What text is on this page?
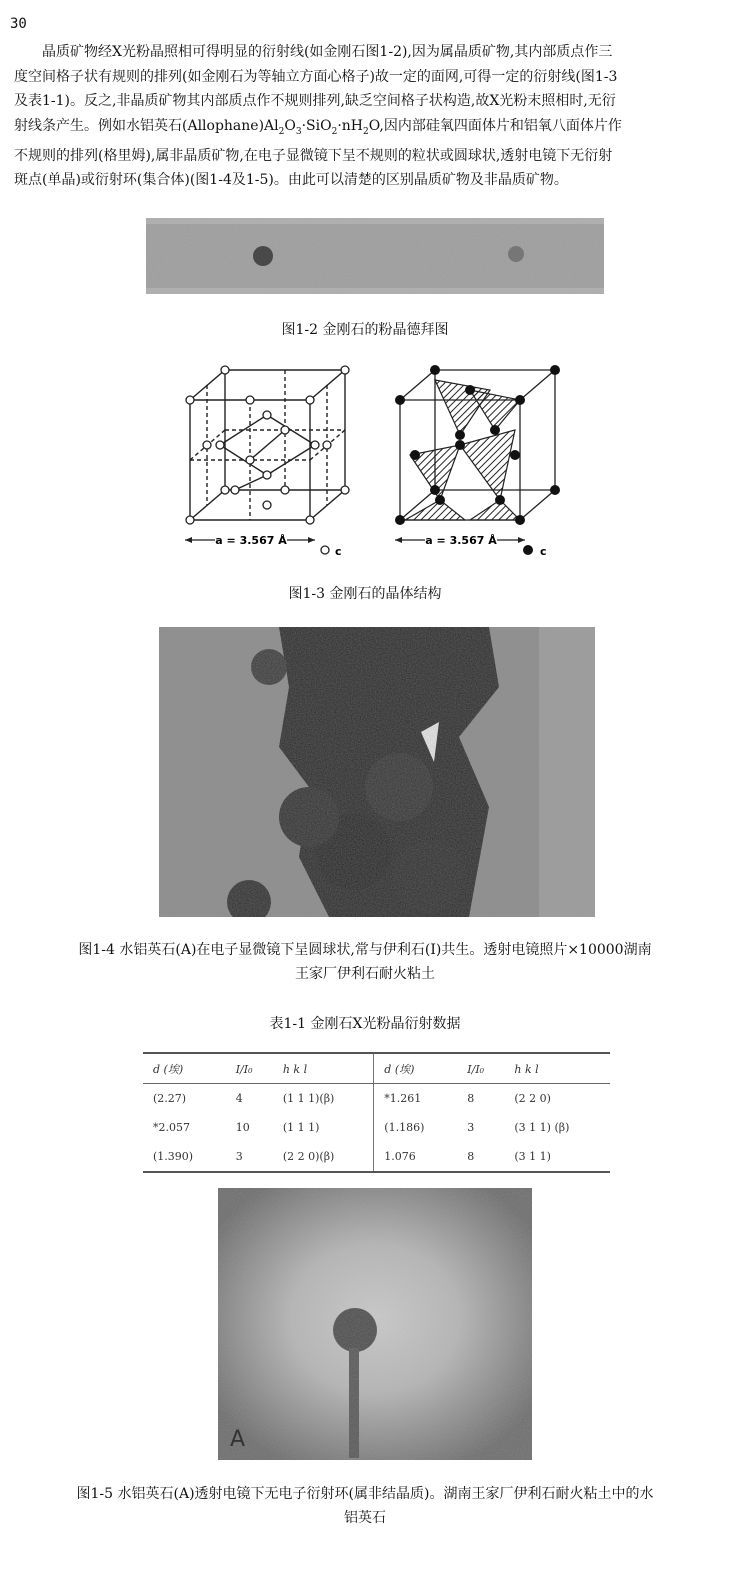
30
晶质矿物经X光粉晶照相可得明显的衍射线(如金刚石图1-2),因为属晶质矿物,其内部质点作三
度空间格子状有规则的排列(如金刚石为等轴立方面心格子)故一定的面网,可得一定的衍射线(图1-3
及表1-1)。反之,非晶质矿物其内部质点作不规则排列,缺乏空间格子状构造,故X光粉末照相时,无衍
射线条产生。例如水铝英石$(Allophane)Al_2O_3\cdot SiO_2\cdot nH_2O$,因内部硅氧四面体片和铝氧八面体片作
不规则的排列(格里姆),属非晶质矿物,在电子显微镜下呈不规则的粒状或圆球状,透射电镜下无衍射
斑点(单晶)或衍射环(集合体)(图1-4及1-5)。由此可以清楚的区别晶质矿物及非晶质矿物。
图1-2 金刚石的粉晶德拜图
a = 3.567 Å
c
a = 3.567 Å
c
图1-3 金刚石的晶体结构
图1-4 水铝英石(A)在电子显微镜下呈圆球状,常与伊利石(Ⅰ)共生。透射电镜照片×10000湖南
王家厂伊利石耐火粘土
表1-1 金刚石X光粉晶衍射数据
d (埃)	I/I₀	h k l	d (埃)	I/I₀	h k l
(2.27)	4	(1 1 1)(β)	*1.261	8	(2 2 0)
*2.057	10	(1 1 1)	(1.186)	3	(3 1 1) (β)
(1.390)	3	(2 2 0)(β)	1.076	8	(3 1 1)
A
图1-5 水铝英石(A)透射电镜下无电子衍射环(属非结晶质)。湖南王家厂伊利石耐火粘土中的水
铝英石
